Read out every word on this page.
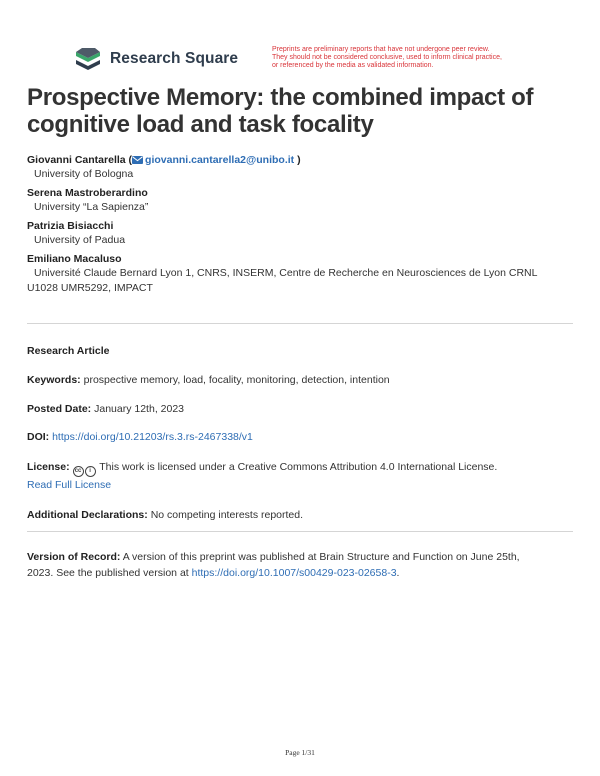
Research Square
Preprints are preliminary reports that have not undergone peer review.
They should not be considered conclusive, used to inform clinical practice,
or referenced by the media as validated information.
Prospective Memory: the combined impact of cognitive load and task focality
Giovanni Cantarella ( giovanni.cantarella2@unibo.it )
University of Bologna
Serena Mastroberardino
University “La Sapienza”
Patrizia Bisiacchi
University of Padua
Emiliano Macaluso
Université Claude Bernard Lyon 1, CNRS, INSERM, Centre de Recherche en Neurosciences de Lyon CRNL
U1028 UMR5292, IMPACT
Research Article
Keywords: prospective memory, load, focality, monitoring, detection, intention
Posted Date: January 12th, 2023
DOI: https://doi.org/10.21203/rs.3.rs-2467338/v1
License: cc i This work is licensed under a Creative Commons Attribution 4.0 International License.
Read Full License
Additional Declarations: No competing interests reported.
Version of Record: A version of this preprint was published at Brain Structure and Function on June 25th,
2023. See the published version at https://doi.org/10.1007/s00429-023-02658-3.
Page 1/31
